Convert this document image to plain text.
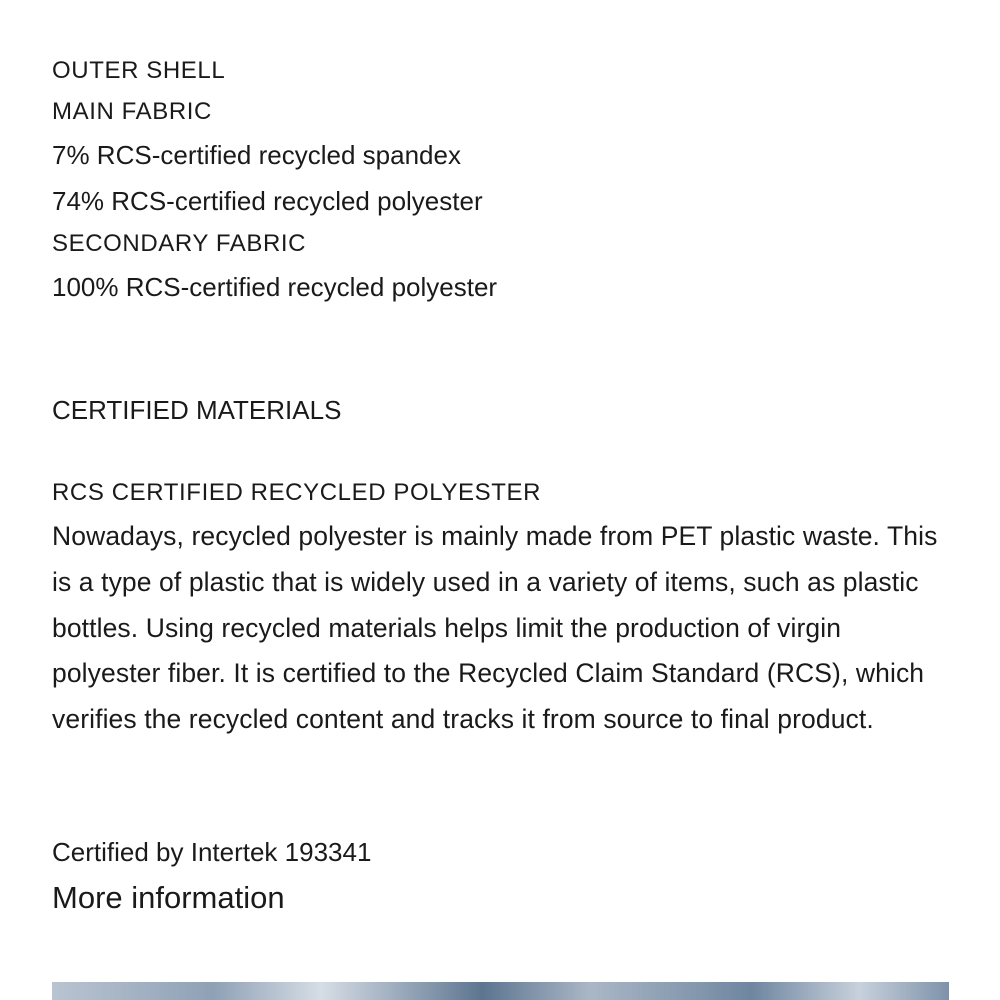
OUTER SHELL

MAIN FABRIC

7% RCS-certified recycled spandex

74% RCS-certified recycled polyester

SECONDARY FABRIC

100% RCS-certified recycled polyester

CERTIFIED MATERIALS

RCS CERTIFIED RECYCLED POLYESTER

Nowadays, recycled polyester is mainly made from PET plastic waste. This is a type of plastic that is widely used in a variety of items, such as plastic bottles. Using recycled materials helps limit the production of virgin polyester fiber. It is certified to the Recycled Claim Standard (RCS), which verifies the recycled content and tracks it from source to final product.

Certified by Intertek 193341

More information
